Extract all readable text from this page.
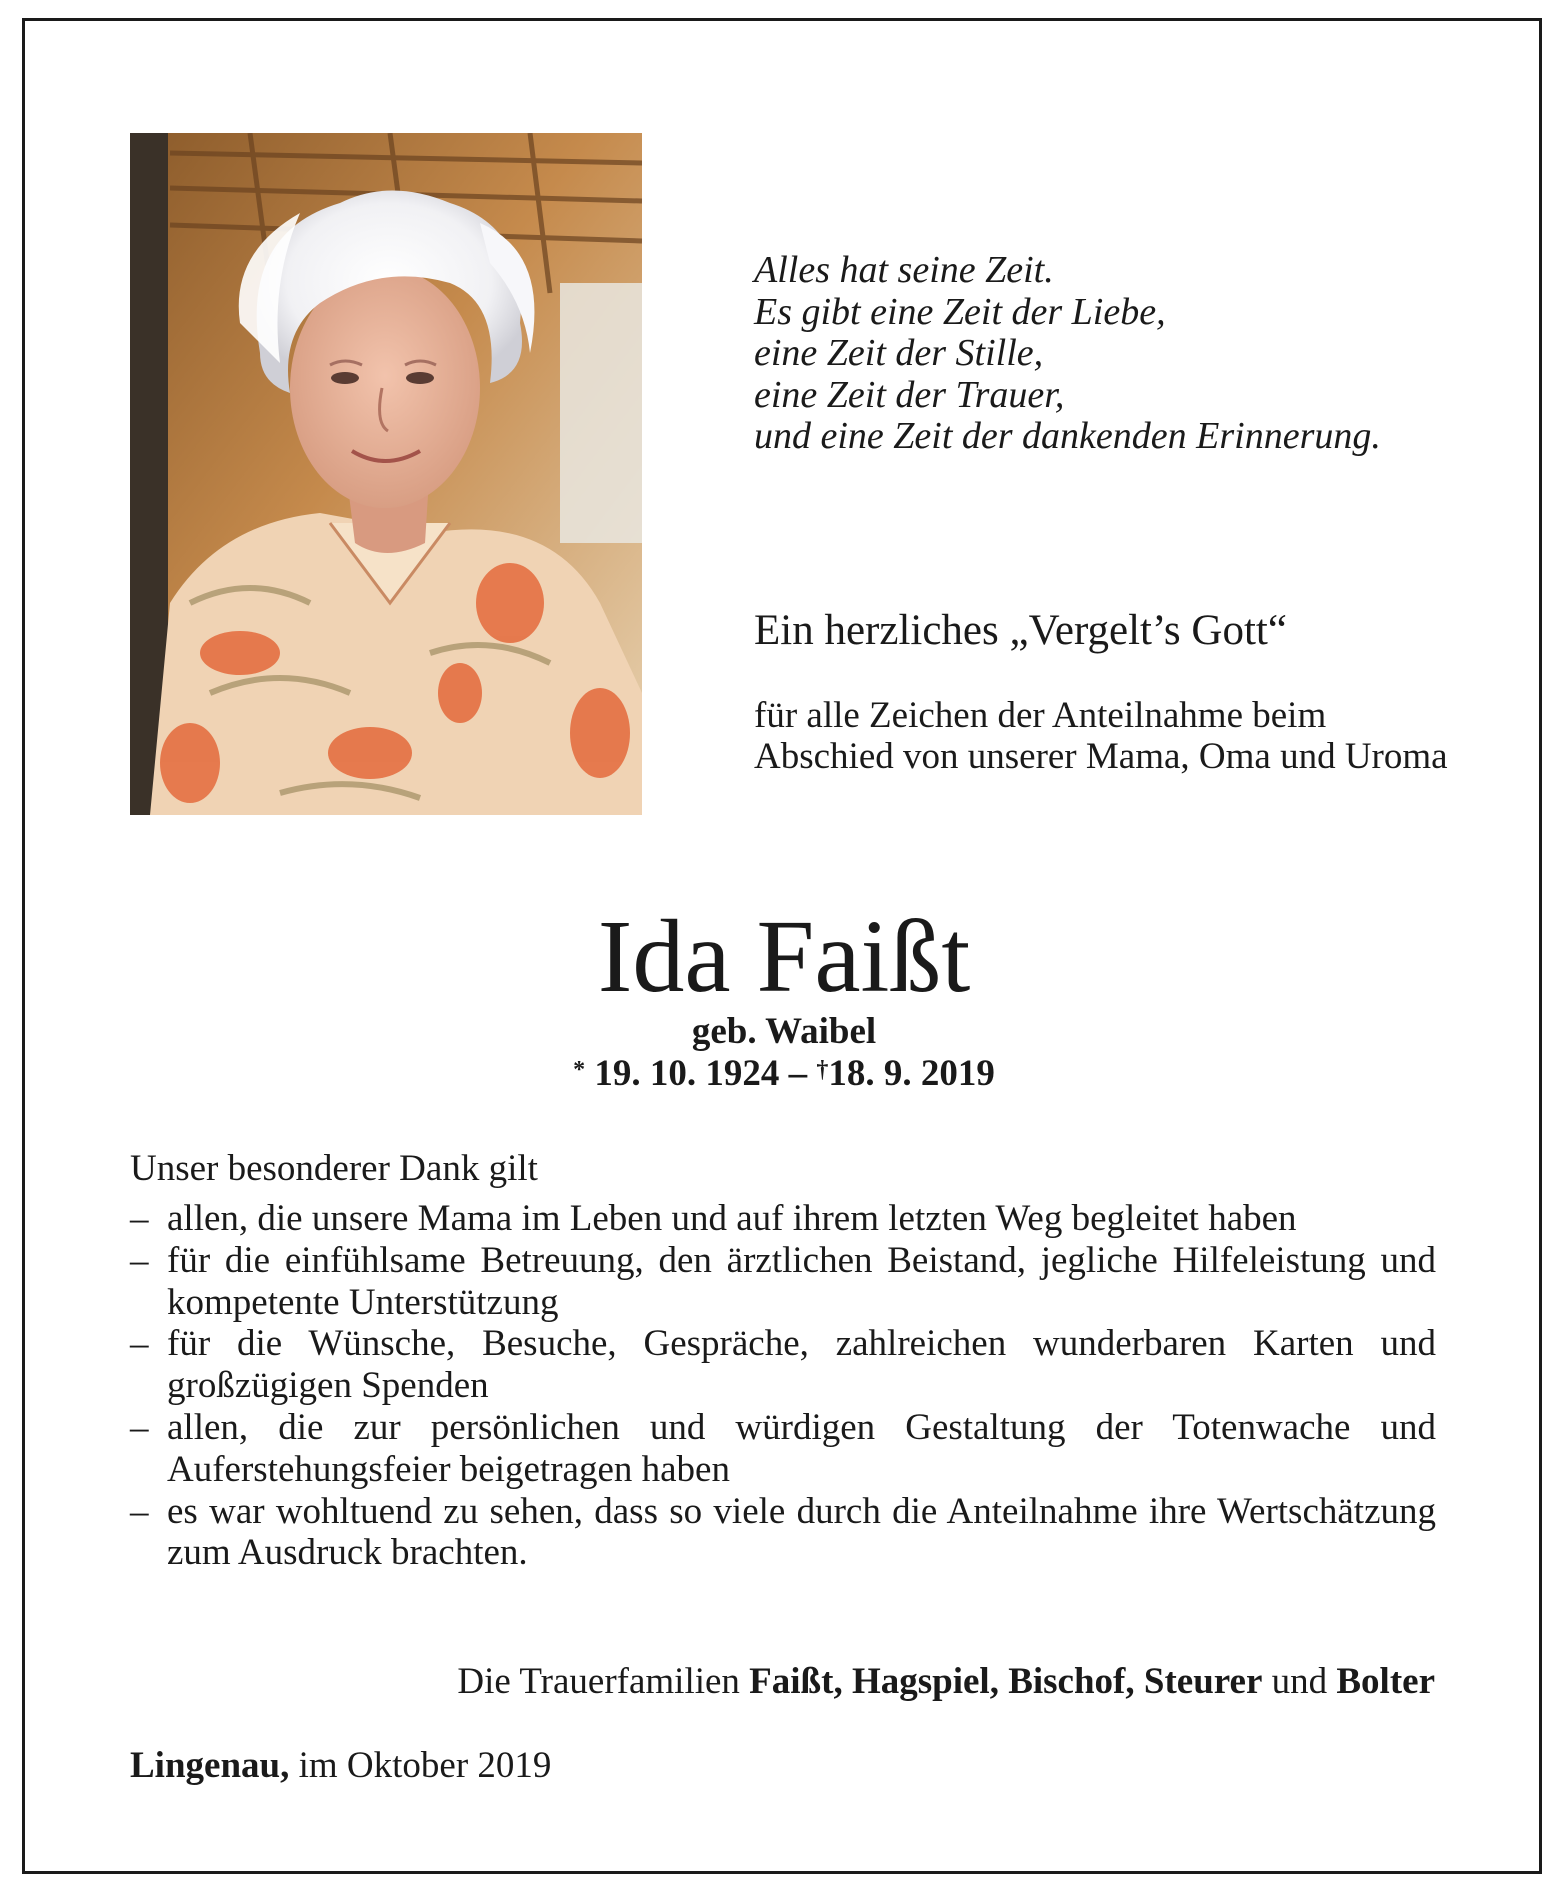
Alles hat seine Zeit.
Es gibt eine Zeit der Liebe,
eine Zeit der Stille,
eine Zeit der Trauer,
und eine Zeit der dankenden Erinnerung.
Ein herzliches „Vergelt’s Gott“
für alle Zeichen der Anteilnahme beim Abschied von unserer Mama, Oma und Uroma
Ida Faißt
geb. Waibel
* 19. 10. 1924 – †18. 9. 2019
Unser besonderer Dank gilt
– allen, die unsere Mama im Leben und auf ihrem letzten Weg begleitet haben
– für die einfühlsame Betreuung, den ärztlichen Beistand, jegliche Hilfeleistung und kompetente Unterstützung
– für die Wünsche, Besuche, Gespräche, zahlreichen wunderbaren Karten und großzügigen Spenden
– allen, die zur persönlichen und würdigen Gestaltung der Totenwache und Auferstehungsfeier beigetragen haben
– es war wohltuend zu sehen, dass so viele durch die Anteilnahme ihre Wertschätzung zum Ausdruck brachten.
Die Trauerfamilien Faißt, Hagspiel, Bischof, Steurer und Bolter
Lingenau, im Oktober 2019
